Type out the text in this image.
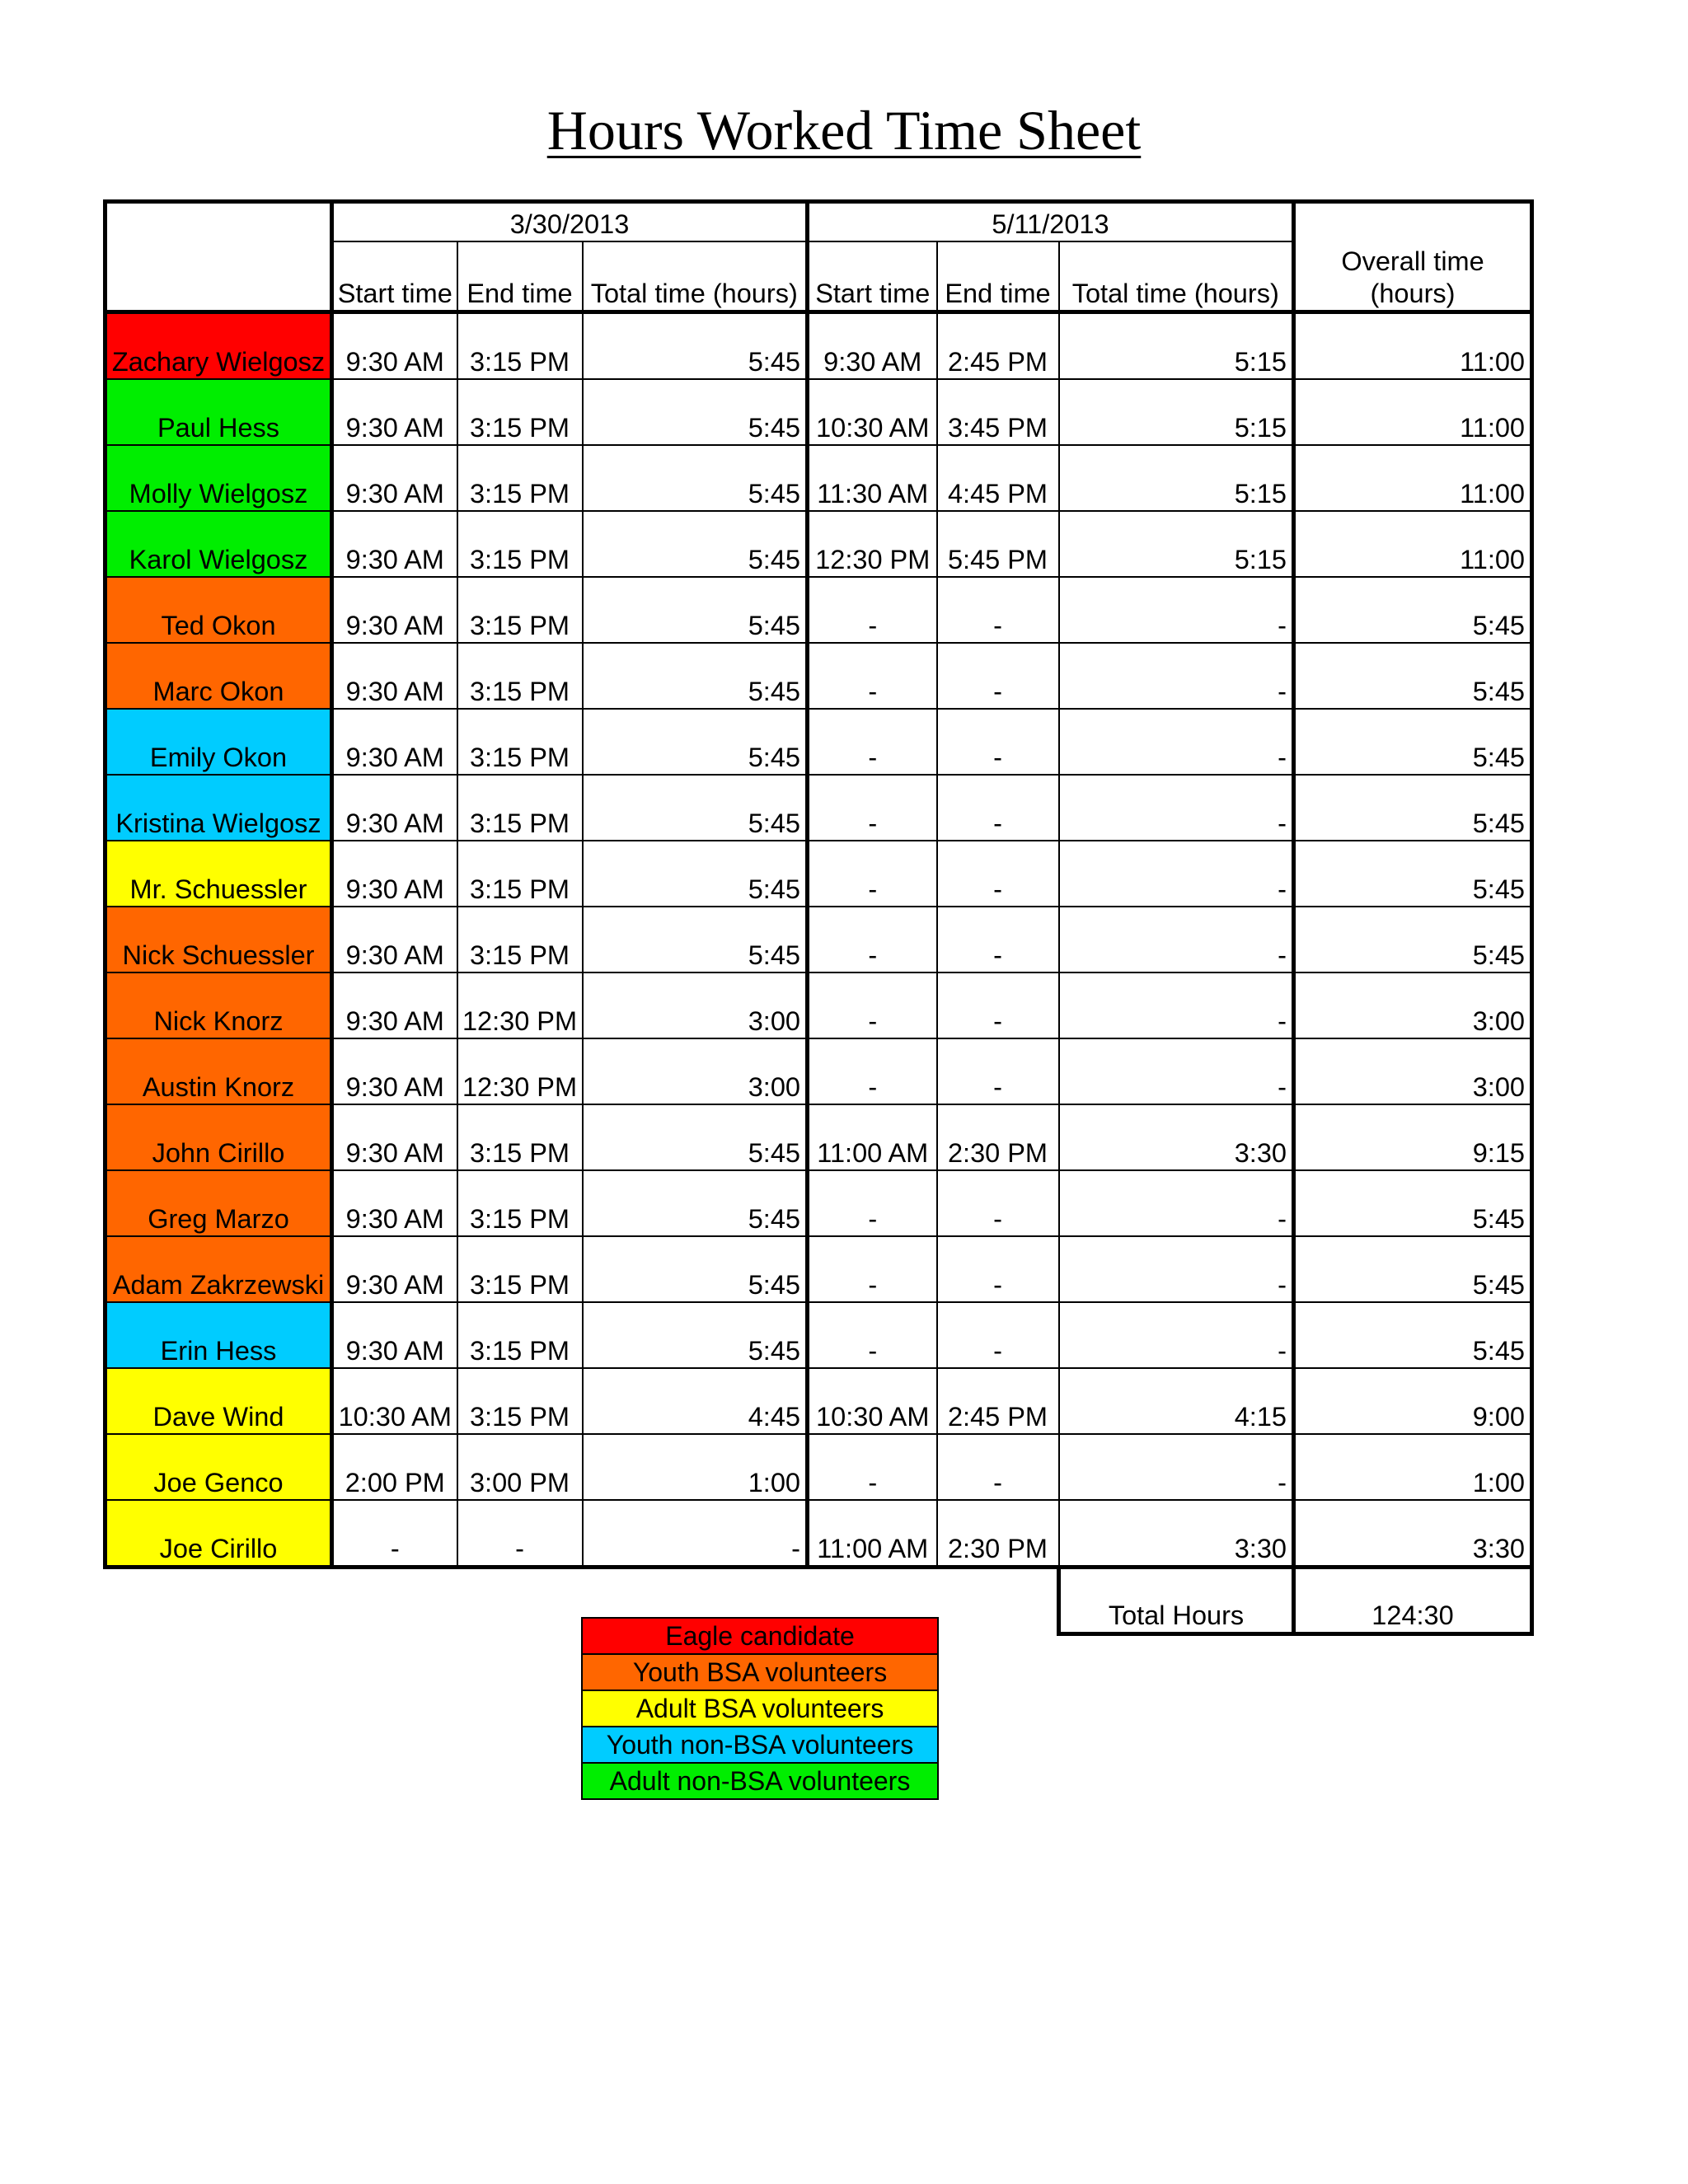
Hours Worked Time Sheet
	3/30/2013			5/11/2013			Overall time (hours)
	Start time	End time	Total time (hours)	Start time	End time	Total time (hours)	
Zachary Wielgosz	9:30 AM	3:15 PM	5:45	9:30 AM	2:45 PM	5:15	11:00
Paul Hess	9:30 AM	3:15 PM	5:45	10:30 AM	3:45 PM	5:15	11:00
Molly Wielgosz	9:30 AM	3:15 PM	5:45	11:30 AM	4:45 PM	5:15	11:00
Karol Wielgosz	9:30 AM	3:15 PM	5:45	12:30 PM	5:45 PM	5:15	11:00
Ted Okon	9:30 AM	3:15 PM	5:45	-	-	-	5:45
Marc Okon	9:30 AM	3:15 PM	5:45	-	-	-	5:45
Emily Okon	9:30 AM	3:15 PM	5:45	-	-	-	5:45
Kristina Wielgosz	9:30 AM	3:15 PM	5:45	-	-	-	5:45
Mr. Schuessler	9:30 AM	3:15 PM	5:45	-	-	-	5:45
Nick Schuessler	9:30 AM	3:15 PM	5:45	-	-	-	5:45
Nick Knorz	9:30 AM	12:30 PM	3:00	-	-	-	3:00
Austin Knorz	9:30 AM	12:30 PM	3:00	-	-	-	3:00
John Cirillo	9:30 AM	3:15 PM	5:45	11:00 AM	2:30 PM	3:30	9:15
Greg Marzo	9:30 AM	3:15 PM	5:45	-	-	-	5:45
Adam Zakrzewski	9:30 AM	3:15 PM	5:45	-	-	-	5:45
Erin Hess	9:30 AM	3:15 PM	5:45	-	-	-	5:45
Dave Wind	10:30 AM	3:15 PM	4:45	10:30 AM	2:45 PM	4:15	9:00
Joe Genco	2:00 PM	3:00 PM	1:00	-	-	-	1:00
Joe Cirillo	-	-	-	11:00 AM	2:30 PM	3:30	3:30
						Total Hours	124:30
Eagle candidate
Youth BSA volunteers
Adult BSA volunteers
Youth non-BSA volunteers
Adult non-BSA volunteers
